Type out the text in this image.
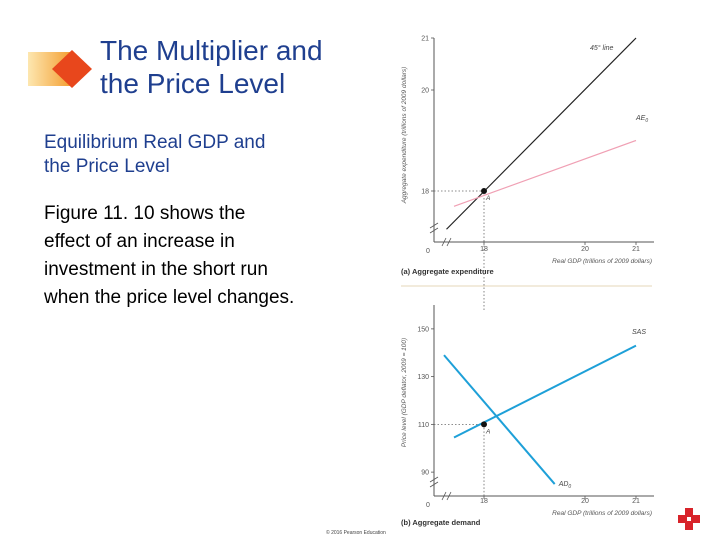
The Multiplier and
the Price Level
Equilibrium Real GDP and
the Price Level
Figure 11. 10 shows the
effect of an increase in
investment in the short run
when the price level changes.
© 2016 Pearson Education
0	18	20	21
18
20
21
Real GDP (trillions of 2009 dollars)
Aggregate expenditure (trillions of 2009 dollars)
(a) Aggregate expenditure
45° line
$AE_0$
A
0
18	20	21
90
110
130
150
Real GDP (trillions of 2009 dollars)
Price level (GDP deflator, 2009 = 100)
(b) Aggregate demand
SAS
$AD_0$
A
